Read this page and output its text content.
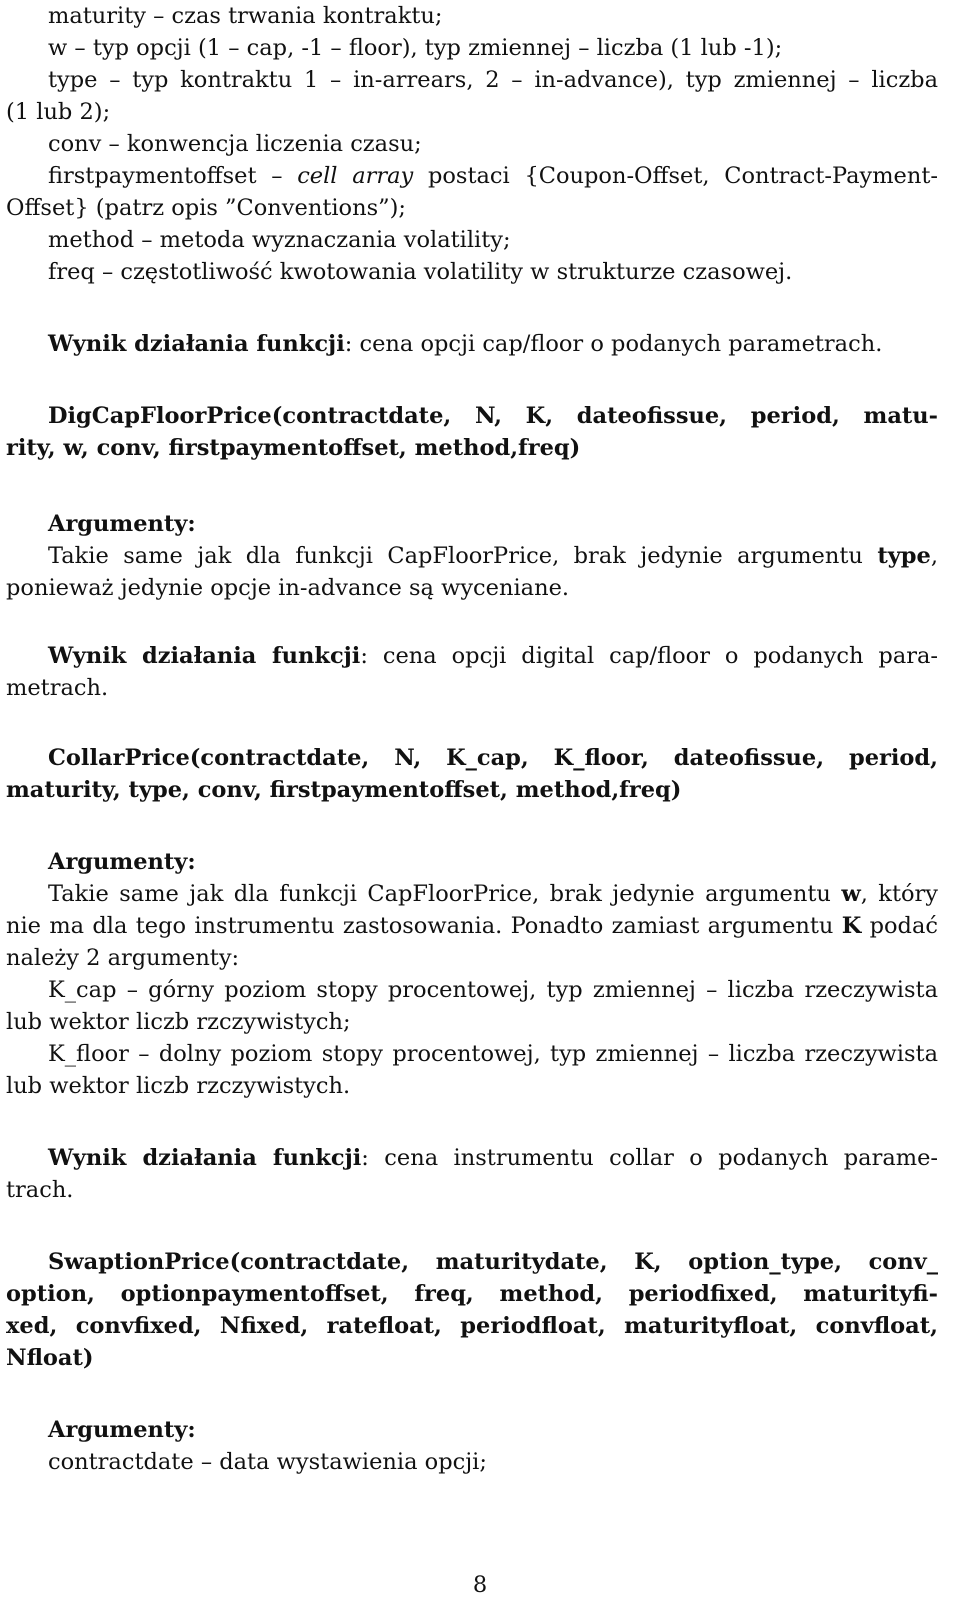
maturity – czas trwania kontraktu;
w – typ opcji (1 – cap, -1 – floor), typ zmiennej – liczba (1 lub -1);
type – typ kontraktu 1 – in-arrears, 2 – in-advance), typ zmiennej – liczba
(1 lub 2);
conv – konwencja liczenia czasu;
firstpaymentoffset – cell array postaci {Coupon-Offset, Contract-Payment-
Offset} (patrz opis ”Conventions”);
method – metoda wyznaczania volatility;
freq – częstotliwość kwotowania volatility w strukturze czasowej.
Wynik działania funkcji: cena opcji cap/floor o podanych parametrach.
DigCapFloorPrice(contractdate, N, K, dateofissue, period, matu-
rity, w, conv, firstpaymentoffset, method,freq)
Argumenty:
Takie same jak dla funkcji CapFloorPrice, brak jedynie argumentu type,
ponieważ jedynie opcje in-advance są wyceniane.
Wynik działania funkcji: cena opcji digital cap/floor o podanych para-
metrach.
CollarPrice(contractdate, N, K_cap, K_floor, dateofissue, period,
maturity, type, conv, firstpaymentoffset, method,freq)
Argumenty:
Takie same jak dla funkcji CapFloorPrice, brak jedynie argumentu w, który
nie ma dla tego instrumentu zastosowania. Ponadto zamiast argumentu K podać
należy 2 argumenty:
K_cap – górny poziom stopy procentowej, typ zmiennej – liczba rzeczywista
lub wektor liczb rzczywistych;
K_floor – dolny poziom stopy procentowej, typ zmiennej – liczba rzeczywista
lub wektor liczb rzczywistych.
Wynik działania funkcji: cena instrumentu collar o podanych parame-
trach.
SwaptionPrice(contractdate, maturitydate, K, option_type, conv_
option, optionpaymentoffset, freq, method, periodfixed, maturityfi-
xed, convfixed, Nfixed, ratefloat, periodfloat, maturityfloat, convfloat,
Nfloat)
Argumenty:
contractdate – data wystawienia opcji;
8
